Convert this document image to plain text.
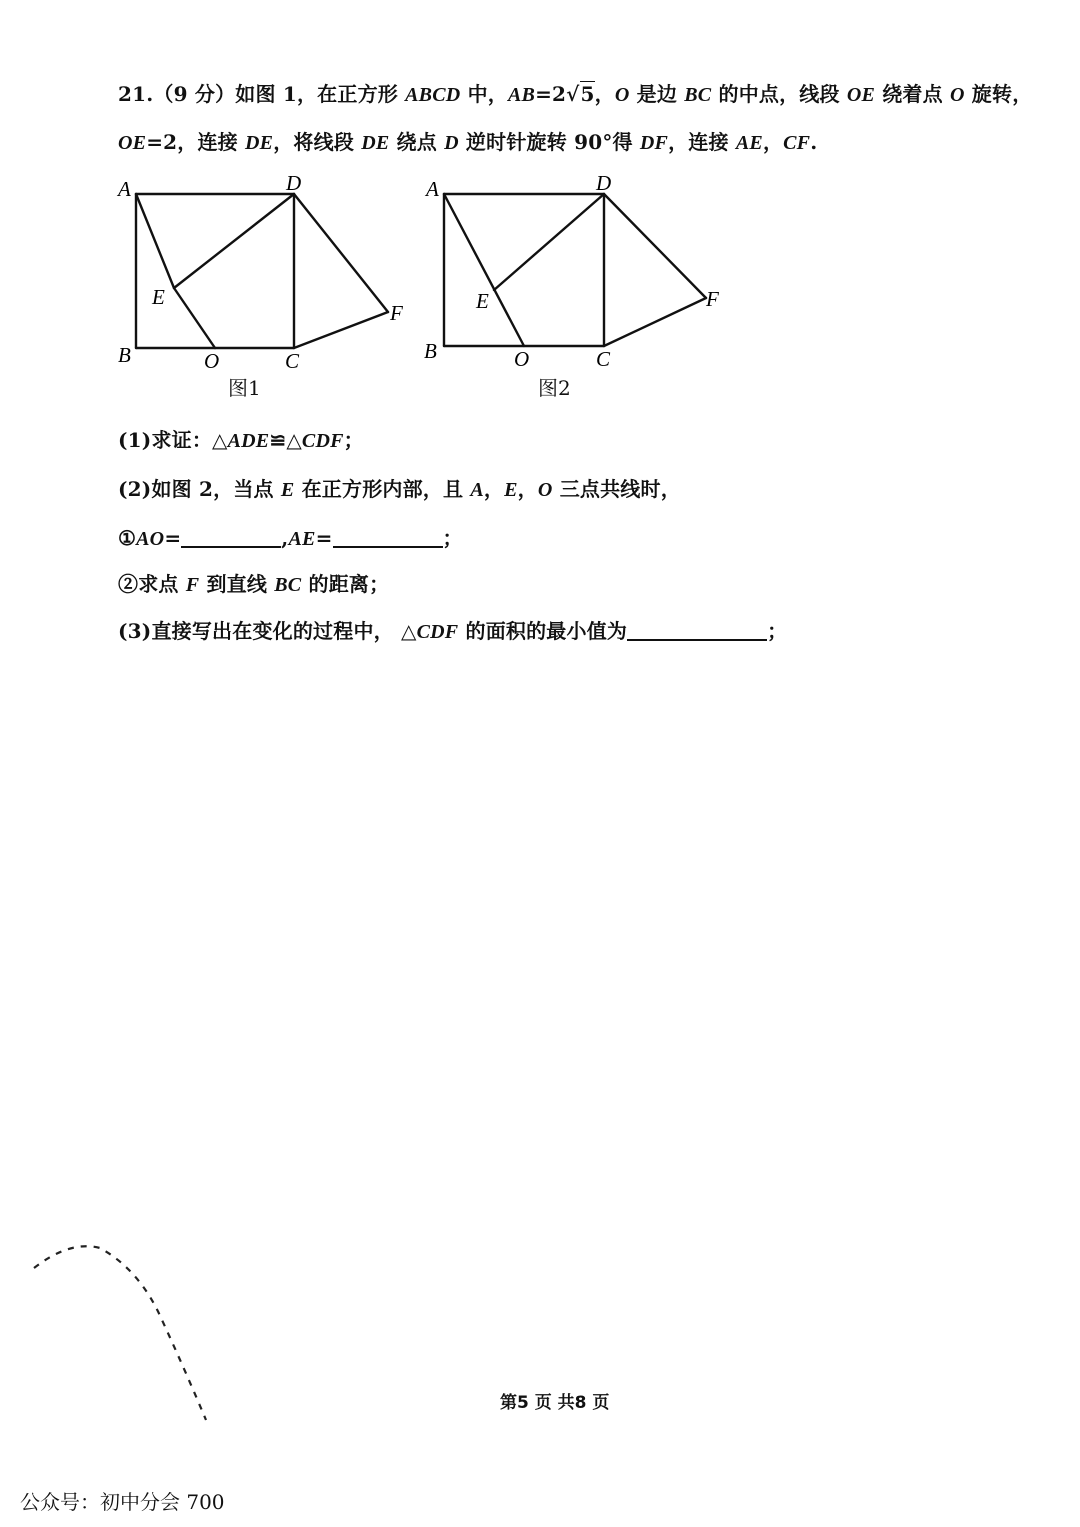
21.（9 分）如图 1，在正方形 ABCD 中，AB=2√5，O 是边 BC 的中点，线段 OE 绕着点 O 旋转，
OE=2，连接 DE，将线段 DE 绕点 D 逆时针旋转 90°得 DF，连接 AE，CF.
A	D
E
F
B	O	C
图1
A	D
E	F
B	O	C
图2
(1)求证：△ADE≌△CDF；
(2)如图 2，当点 E 在正方形内部，且 A，E，O 三点共线时，
①AO=	,AE=	；
②求点 F 到直线 BC 的距离；
(3)直接写出在变化的过程中， △CDF 的面积的最小值为	；
第5 页 共8 页
公众号：初中分会 700
